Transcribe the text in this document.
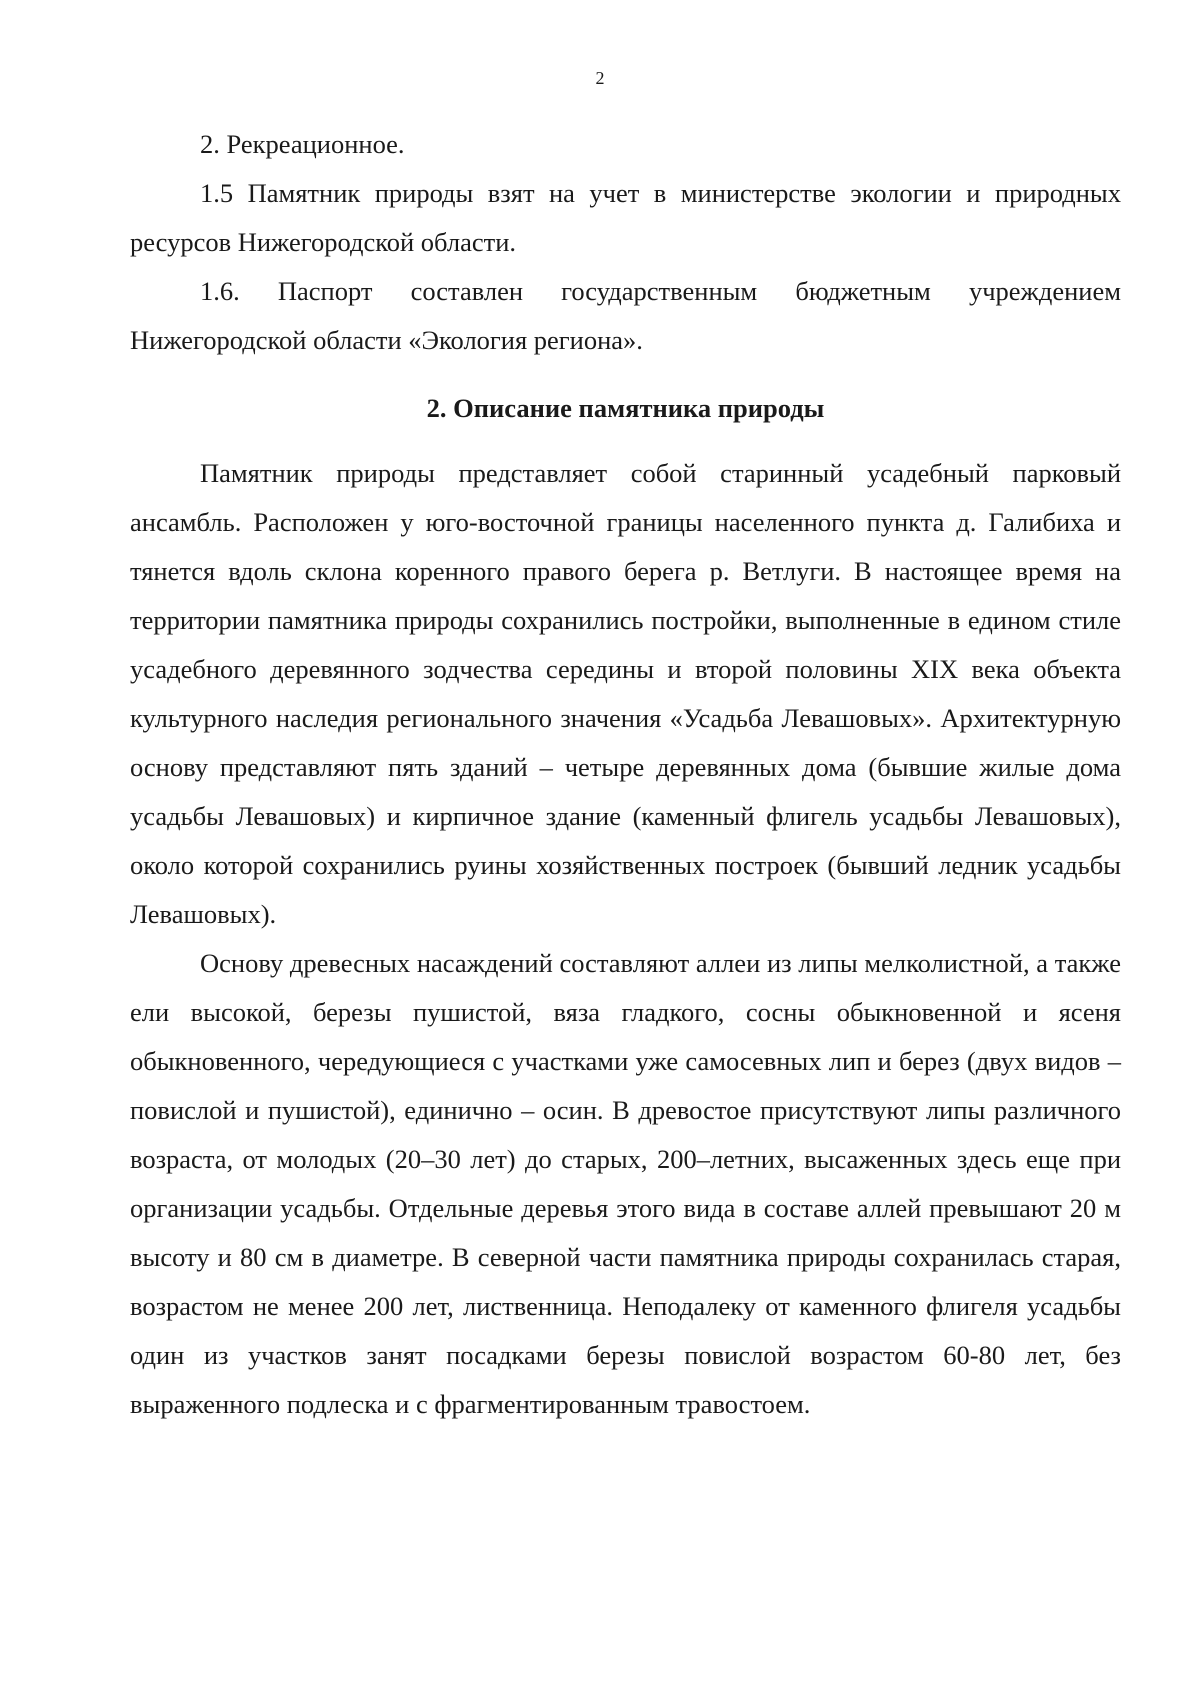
2

2. Рекреационное.

1.5 Памятник природы взят на учет в министерстве экологии и природных ресурсов Нижегородской области.

1.6. Паспорт составлен государственным бюджетным учреждением Нижегородской области «Экология региона».

2. Описание памятника природы

Памятник природы представляет собой старинный усадебный парковый ансамбль. Расположен у юго-восточной границы населенного пункта д. Галибиха и тянется вдоль склона коренного правого берега р. Ветлуги. В настоящее время на территории памятника природы сохранились постройки, выполненные в едином стиле усадебного деревянного зодчества середины и второй половины XIX века объекта культурного наследия регионального значения «Усадьба Левашовых». Архитектурную основу представляют пять зданий – четыре деревянных дома (бывшие жилые дома усадьбы Левашовых) и кирпичное здание (каменный флигель усадьбы Левашовых), около которой сохранились руины хозяйственных построек (бывший ледник усадьбы Левашовых).

Основу древесных насаждений составляют аллеи из липы мелколистной, а также ели высокой, березы пушистой, вяза гладкого, сосны обыкновенной и ясеня обыкновенного, чередующиеся с участками уже самосевных лип и берез (двух видов – повислой и пушистой), единично – осин. В древостое присутствуют липы различного возраста, от молодых (20–30 лет) до старых, 200–летних, высаженных здесь еще при организации усадьбы. Отдельные деревья этого вида в составе аллей превышают 20 м высоту и 80 см в диаметре. В северной части памятника природы сохранилась старая, возрастом не менее 200 лет, лиственница. Неподалеку от каменного флигеля усадьбы один из участков занят посадками березы повислой возрастом 60-80 лет, без выраженного подлеска и с фрагментированным травостоем.
